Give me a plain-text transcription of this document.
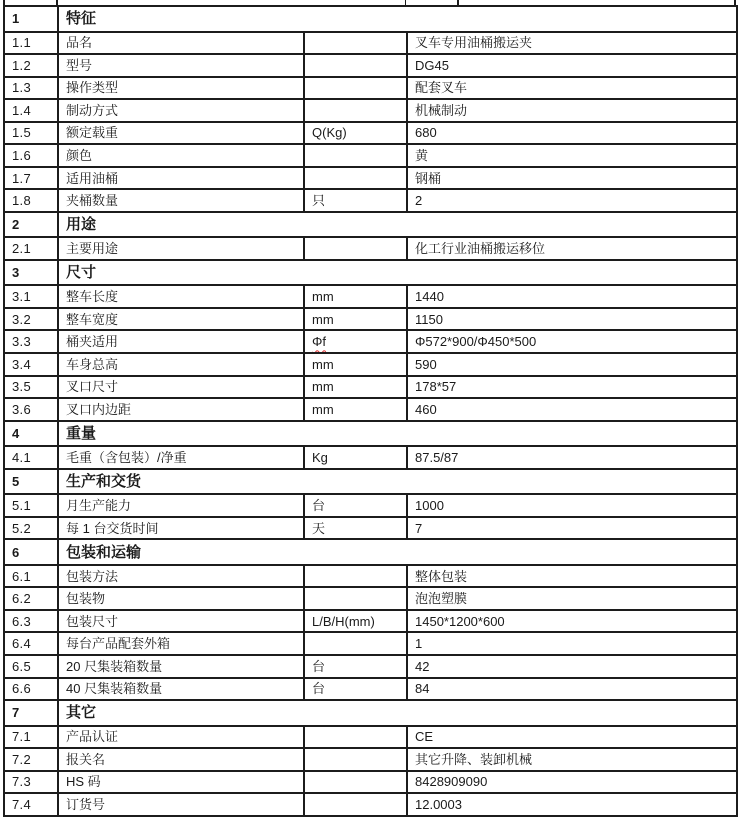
1	特征		
1.1	品名		叉车专用油桶搬运夹
1.2	型号		DG45
1.3	操作类型		配套叉车
1.4	制动方式		机械制动
1.5	额定载重	Q(Kg)	680
1.6	颜色		黄
1.7	适用油桶		钢桶
1.8	夹桶数量	只	2
2	用途		
2.1	主要用途		化工行业油桶搬运移位
3	尺寸		
3.1	整车长度	mm	1440
3.2	整车宽度	mm	1150
3.3	桶夹适用	Φf	Φ572*900/Φ450*500
3.4	车身总高	mm	590
3.5	叉口尺寸	mm	178*57
3.6	叉口内边距	mm	460
4	重量		
4.1	毛重（含包装）/净重	Kg	87.5/87
5	生产和交货		
5.1	月生产能力	台	1000
5.2	每 1 台交货时间	天	7
6	包装和运输		
6.1	包装方法		整体包装
6.2	包装物		泡泡塑膜
6.3	包装尺寸	L/B/H(mm)	1450*1200*600
6.4	每台产品配套外箱		1
6.5	20 尺集装箱数量	台	42
6.6	40 尺集装箱数量	台	84
7	其它		
7.1	产品认证		CE
7.2	报关名		其它升降、装卸机械
7.3	HS 码		8428909090
7.4	订货号		12.0003
